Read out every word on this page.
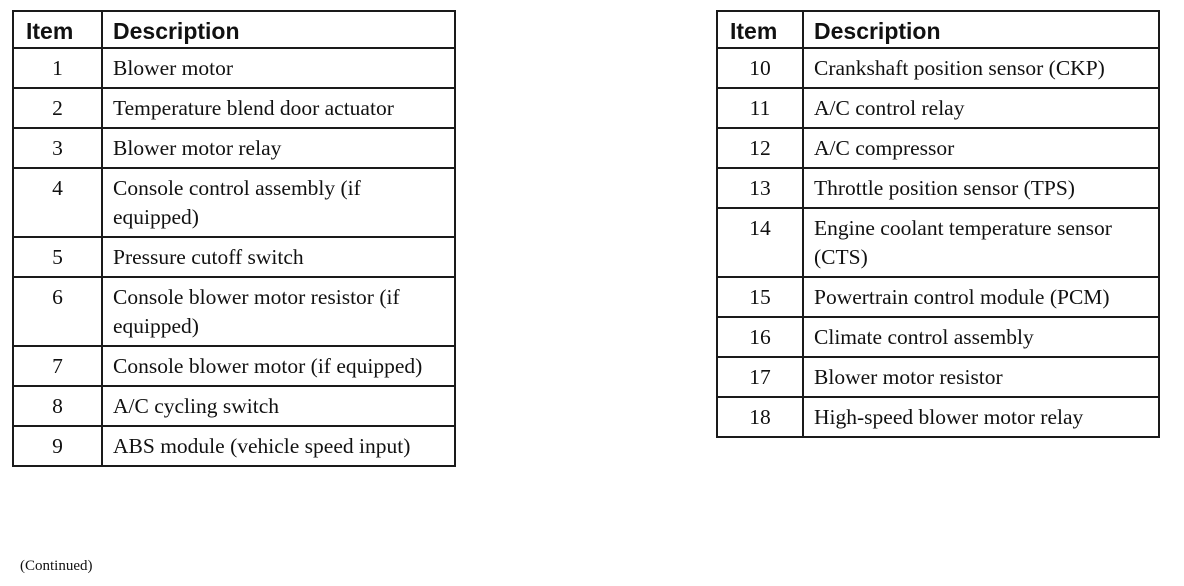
Item	Description
1	Blower motor
2	Temperature blend door actuator
3	Blower motor relay
4	Console control assembly (if equipped)
5	Pressure cutoff switch
6	Console blower motor resistor (if equipped)
7	Console blower motor (if equipped)
8	A/C cycling switch
9	ABS module (vehicle speed input)
Item	Description
10	Crankshaft position sensor (CKP)
11	A/C control relay
12	A/C compressor
13	Throttle position sensor (TPS)
14	Engine coolant temperature sensor (CTS)
15	Powertrain control module (PCM)
16	Climate control assembly
17	Blower motor resistor
18	High-speed blower motor relay
(Continued)
